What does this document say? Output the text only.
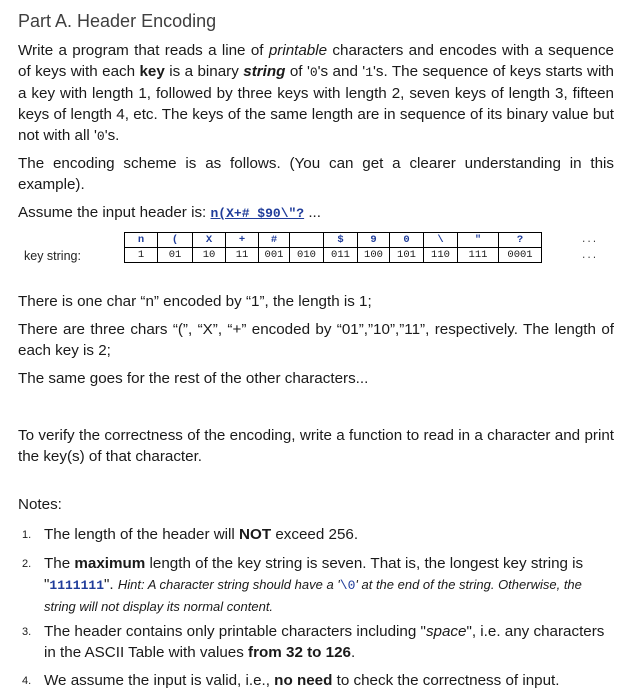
Part A. Header Encoding
Write a program that reads a line of printable characters and encodes with a sequence of keys with each key is a binary string of '0's and '1's. The sequence of keys starts with a key with length 1, followed by three keys with length 2, seven keys of length 3, fifteen keys of length 4, etc. The keys of the same length are in sequence of its binary value but not with all '0's.
The encoding scheme is as follows. (You can get a clearer understanding in this example).
Assume the input header is: n(X+# $90\"? ...
key string:
n	(	X	+	#		$	9	0	\	"	?
1	01	10	11	001	010	011	100	101	110	111	0001
...
...
There is one char “n” encoded by “1”, the length is 1;
There are three chars “(”, “X”, “+” encoded by “01”,”10”,”11”, respectively. The length of each key is 2;
The same goes for the rest of the other characters...
To verify the correctness of the encoding, write a function to read in a character and print the key(s) of that character.
Notes:
1. The length of the header will NOT exceed 256.
2. The maximum length of the key string is seven. That is, the longest key string is "1111111". Hint: A character string should have a '\0' at the end of the string. Otherwise, the string will not display its normal content.
3. The header contains only printable characters including "space", i.e. any characters in the ASCII Table with values from 32 to 126.
4. We assume the input is valid, i.e., no need to check the correctness of input.
